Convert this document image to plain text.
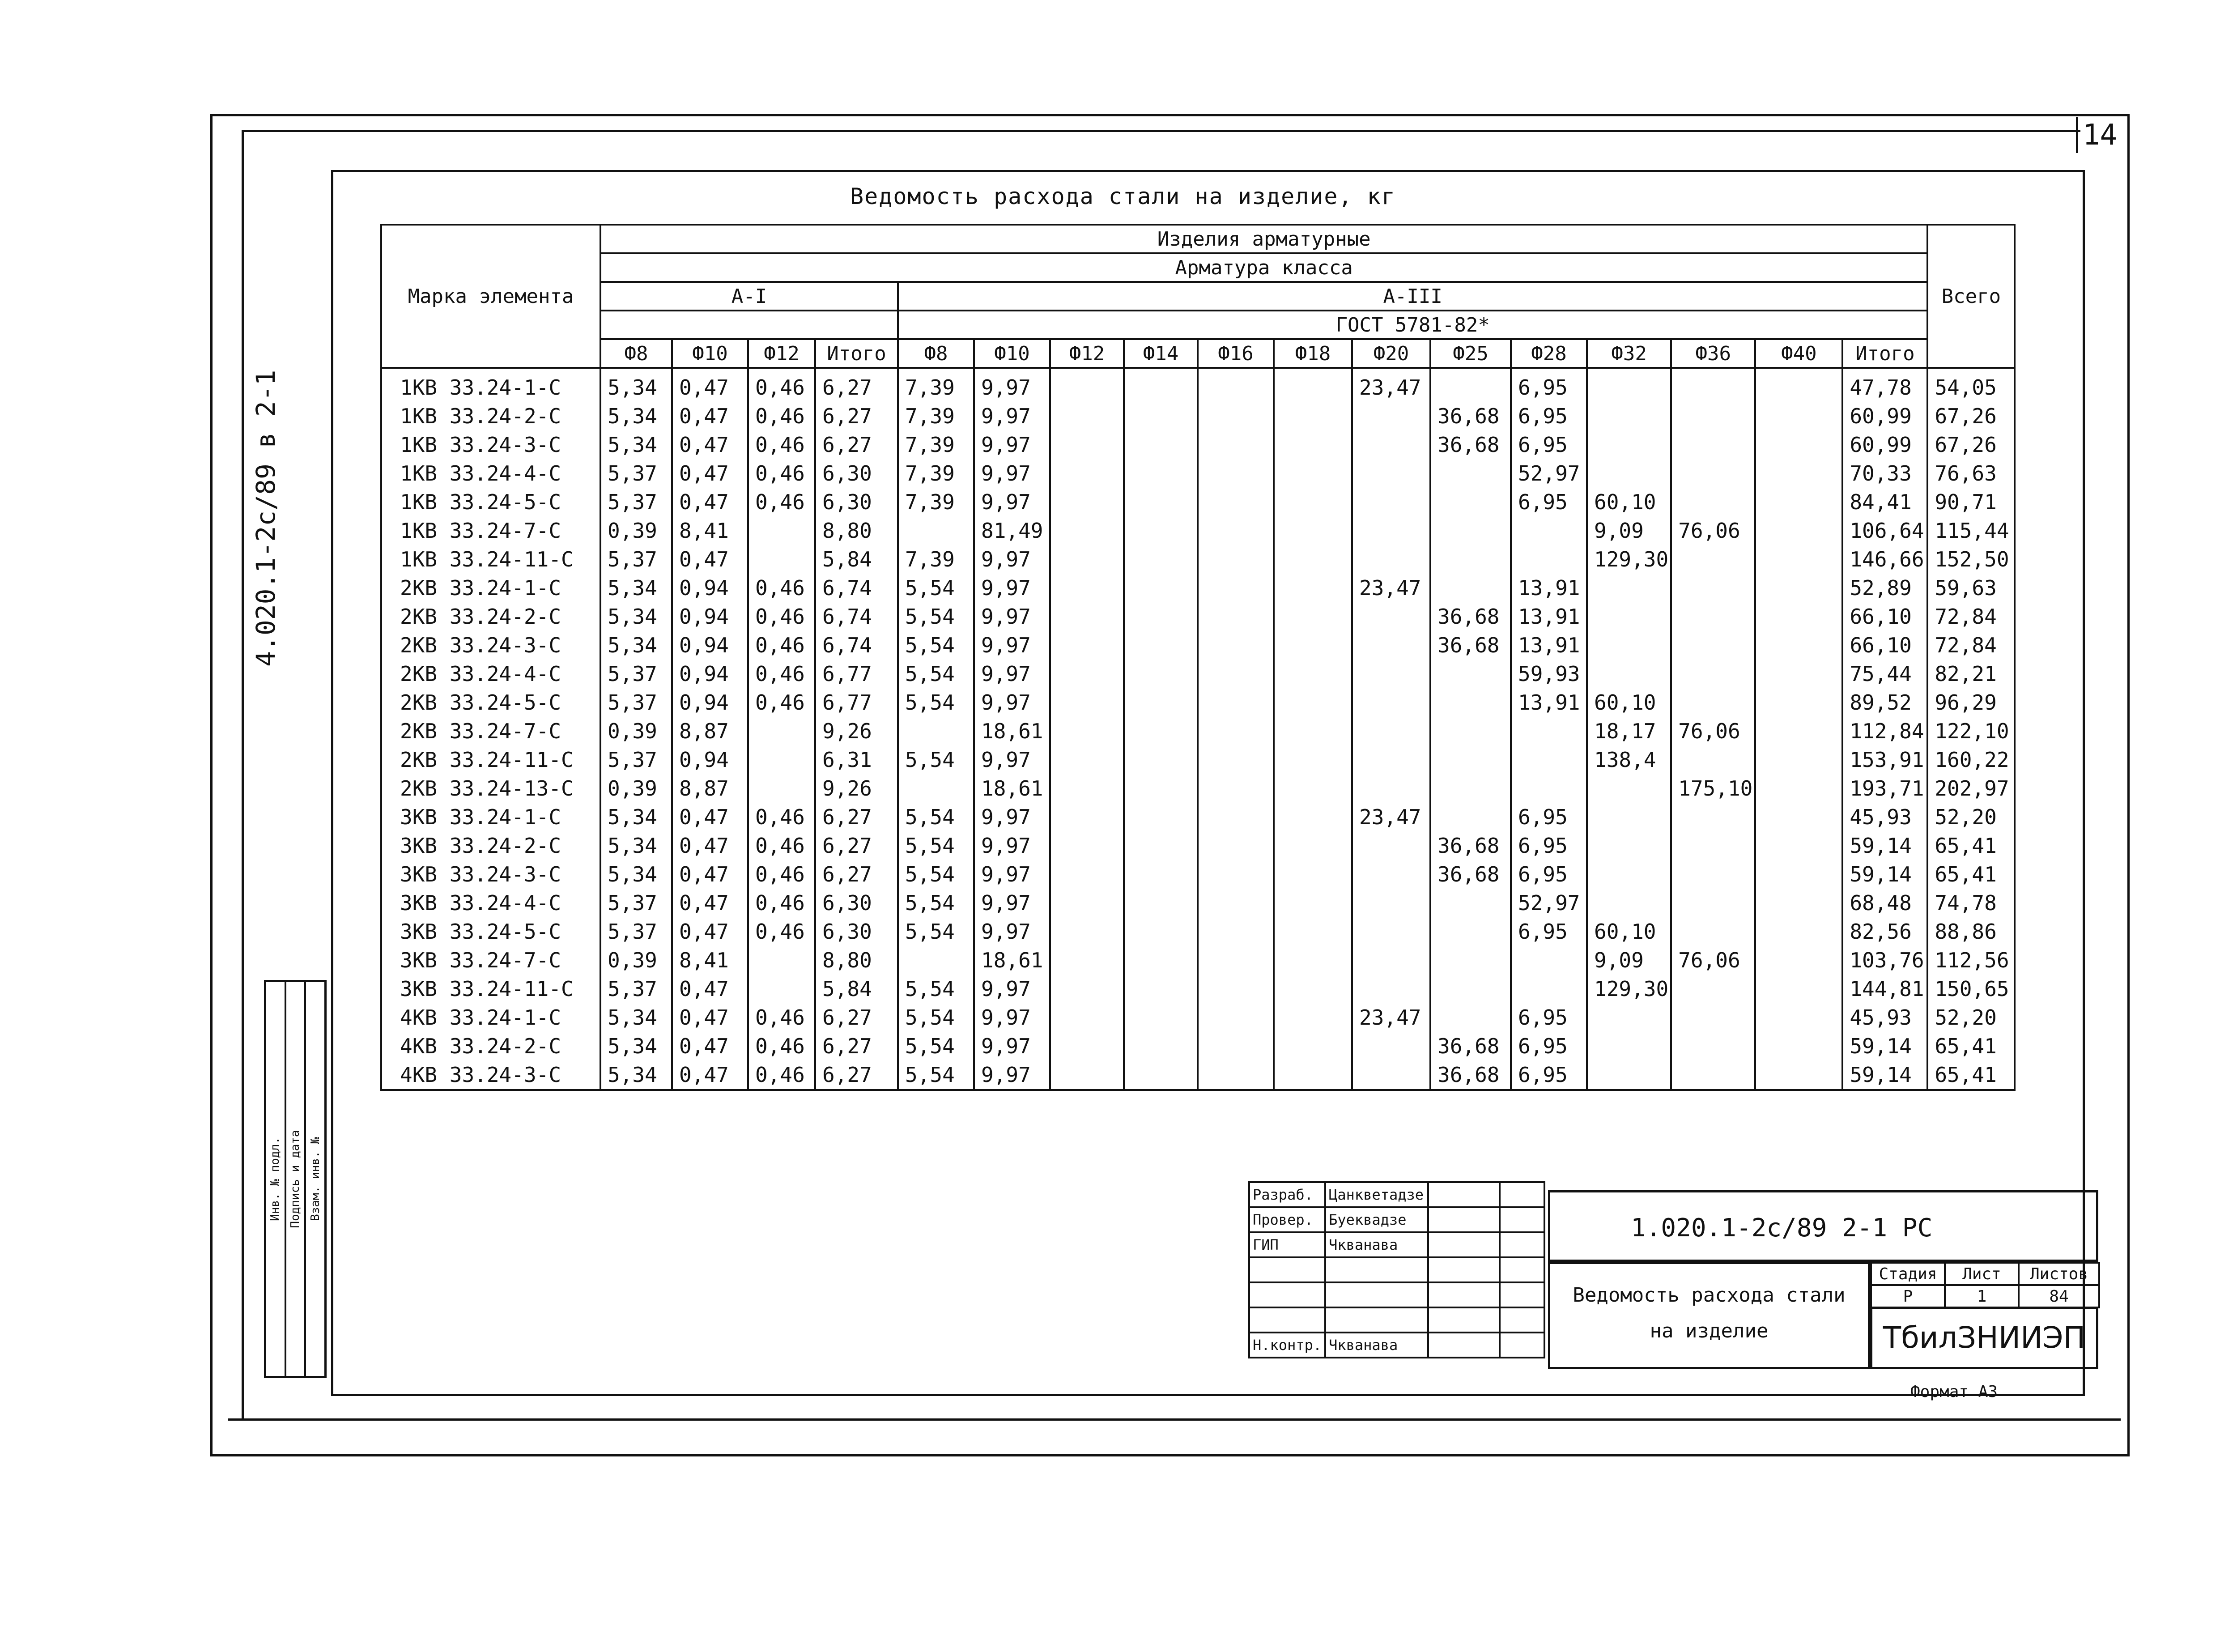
14
Ведомость расхода стали на изделие, кг
4.020.1-2с/89 в 2-1
Инв. № подл. Подпись и дата Взам. инв. №
Марка элемента	Изделия арматурные																	Всего
	Арматура класса																	
	А-I				А-III													
					ГОСТ 5781-82*													
	Ф8	Ф10	Ф12	Итого	Ф8	Ф10	Ф12	Ф14	Ф16	Ф18	Ф20	Ф25	Ф28	Ф32	Ф36	Ф40	Итого	

1КВ 33.24-1-С	5,34	0,47	0,46	6,27	7,39	9,97					23,47		6,95				47,78	54,05
1КВ 33.24-2-С	5,34	0,47	0,46	6,27	7,39	9,97						36,68	6,95				60,99	67,26
1КВ 33.24-3-С	5,34	0,47	0,46	6,27	7,39	9,97						36,68	6,95				60,99	67,26
1КВ 33.24-4-С	5,37	0,47	0,46	6,30	7,39	9,97							52,97				70,33	76,63
1КВ 33.24-5-С	5,37	0,47	0,46	6,30	7,39	9,97							6,95	60,10			84,41	90,71
1КВ 33.24-7-С	0,39	8,41		8,80		81,49								9,09	76,06		106,64	115,44
1КВ 33.24-11-С	5,37	0,47		5,84	7,39	9,97								129,30			146,66	152,50
2КВ 33.24-1-С	5,34	0,94	0,46	6,74	5,54	9,97					23,47		13,91				52,89	59,63
2КВ 33.24-2-С	5,34	0,94	0,46	6,74	5,54	9,97						36,68	13,91				66,10	72,84
2КВ 33.24-3-С	5,34	0,94	0,46	6,74	5,54	9,97						36,68	13,91				66,10	72,84
2КВ 33.24-4-С	5,37	0,94	0,46	6,77	5,54	9,97							59,93				75,44	82,21
2КВ 33.24-5-С	5,37	0,94	0,46	6,77	5,54	9,97							13,91	60,10			89,52	96,29
2КВ 33.24-7-С	0,39	8,87		9,26		18,61								18,17	76,06		112,84	122,10
2КВ 33.24-11-С	5,37	0,94		6,31	5,54	9,97								138,4			153,91	160,22
2КВ 33.24-13-С	0,39	8,87		9,26		18,61									175,10		193,71	202,97
3КВ 33.24-1-С	5,34	0,47	0,46	6,27	5,54	9,97					23,47		6,95				45,93	52,20
3КВ 33.24-2-С	5,34	0,47	0,46	6,27	5,54	9,97						36,68	6,95				59,14	65,41
3КВ 33.24-3-С	5,34	0,47	0,46	6,27	5,54	9,97						36,68	6,95				59,14	65,41
3КВ 33.24-4-С	5,37	0,47	0,46	6,30	5,54	9,97							52,97				68,48	74,78
3КВ 33.24-5-С	5,37	0,47	0,46	6,30	5,54	9,97							6,95	60,10			82,56	88,86
3КВ 33.24-7-С	0,39	8,41		8,80		18,61								9,09	76,06		103,76	112,56
3КВ 33.24-11-С	5,37	0,47		5,84	5,54	9,97								129,30			144,81	150,65
4КВ 33.24-1-С	5,34	0,47	0,46	6,27	5,54	9,97					23,47		6,95				45,93	52,20
4КВ 33.24-2-С	5,34	0,47	0,46	6,27	5,54	9,97						36,68	6,95				59,14	65,41
4КВ 33.24-3-С	5,34	0,47	0,46	6,27	5,54	9,97						36,68	6,95				59,14	65,41
Разраб.	Цанкветадзе		
Провер.	Буеквадзе		
ГИП	Чкванава		

Н.контр.	Чкванава		
1.020.1-2с/89 2-1 РС
Ведомость расхода стали
на изделие
Стадия	Лист	Листов
Р	1	84
ТбилЗНИИЭП
Формат А3
